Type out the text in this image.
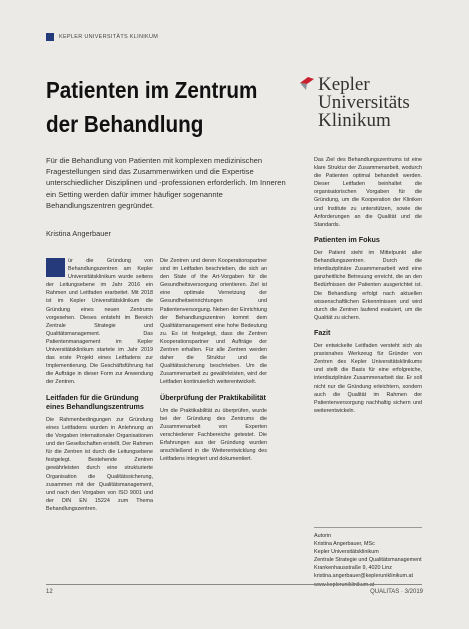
KEPLER UNIVERSITÄTS KLINIKUM
Patienten im Zentrum
der Behandlung
Kepler
Universitäts
Klinikum
Für die Behandlung von Patienten mit komplexen medizinischen Fragestellungen sind das Zusammenwirken und die Expertise unterschiedlicher Disziplinen und -professionen erforderlich. Im Inneren ein Setting werden dafür immer häufiger sogenannte Behandlungszentren gegründet.
Kristina Angerbauer

ür die Gründung von Behandlungszentren am Kepler Universitätsklinikum wurde seitens der Leitungsebene im Jahr 2016 ein Rahmen und Leitfaden erarbeitet. Mit 2018 ist im Kepler Universitätsklinikum die Gründung eines neuen Zentrums vorgesehen. Dieses entsteht im Bereich Zentrale Strategie und Qualitätsmanagement. Das Patientenmanagement im Kepler Universitätsklinikum startete im Jahr 2019 das erste Projekt eines Leitfadens zur Implementierung. Die Geschäftsführung hat die Aufträge in dieser Form zur Anwendung der Zentren.

Leitfaden für die Gründung eines Behandlungszentrums

Die Rahmenbedingungen zur Gründung eines Leitfadens wurden in Anlehnung an die Vorgaben internationaler Organisationen und der Gesellschaften erstellt. Der Rahmen für die Zentren ist durch die Leitungsebene festgelegt. Bestehende Zentren gewährleisten durch eine strukturierte Organisation die Qualitätssicherung, zusammen mit der Qualitätsmanagement, und nach den Vorgaben von ISO 9001 und der DIN EN 15224 zum Thema Behandlungszentren.

Die Zentren und deren Kooperationspartner sind im Leitfaden beschrieben, die sich an den State of the Art-Vorgaben für die Gesundheitsversorgung orientieren. Ziel ist eine optimale Vernetzung der Gesundheitseinrichtungen und Patientenversorgung. Neben der Einrichtung der Behandlungszentren kommt dem Qualitätsmanagement eine hohe Bedeutung zu. Es ist festgelegt, dass die Zentren Kooperationspartner und Aufträge der Zentren erhalten. Für alle Zentren werden daher die Struktur und die Qualitätssicherung beschrieben. Um die Zusammenarbeit zu gewährleisten, wird der Leitfaden kontinuierlich weiterentwickelt.

Überprüfung der Praktikabilität

Um die Praktikabilität zu überprüfen, wurde bei der Gründung des Zentrums die Zusammenarbeit von Experten verschiedener Fachbereiche getestet. Die Erfahrungen aus der Gründung wurden anschließend in die Weiterentwicklung des Leitfadens integriert und dokumentiert.

Das Ziel des Behandlungszentrums ist eine klare Struktur der Zusammenarbeit, wodurch die Patienten optimal behandelt werden. Dieser Leitfaden beinhaltet die organisatorischen Vorgaben für die Gründung, um die Kooperation der Kliniken und Institute zu unterstützen, sowie die Anforderungen an die Qualität und die Standards.

Patienten im Fokus

Der Patient steht im Mittelpunkt aller Behandlungszentren. Durch die interdisziplinäre Zusammenarbeit wird eine ganzheitliche Betreuung erreicht, die an den Bedürfnissen der Patienten ausgerichtet ist. Die Behandlung erfolgt nach aktuellen wissenschaftlichen Erkenntnissen und wird durch die Zentren laufend evaluiert, um die Qualität zu sichern.

Fazit

Der entwickelte Leitfaden versteht sich als praxisnahes Werkzeug für Gründer von Zentren des Kepler Universitätsklinikums und stellt die Basis für eine erfolgreiche, interdisziplinäre Zusammenarbeit dar. Er soll nicht nur die Gründung erleichtern, sondern auch die Qualität im Rahmen der Patientenversorgung nachhaltig sichern und weiterentwickeln.

Autorin
Kristina Angerbauer, MSc
Kepler Universitätsklinikum
Zentrale Strategie und Qualitätsmanagement
Krankenhausstraße 9, 4020 Linz
kristina.angerbauer@kepleruniklinikum.at
www.kepleruniklinikum.at
12	QUALITAS · 3/2019
